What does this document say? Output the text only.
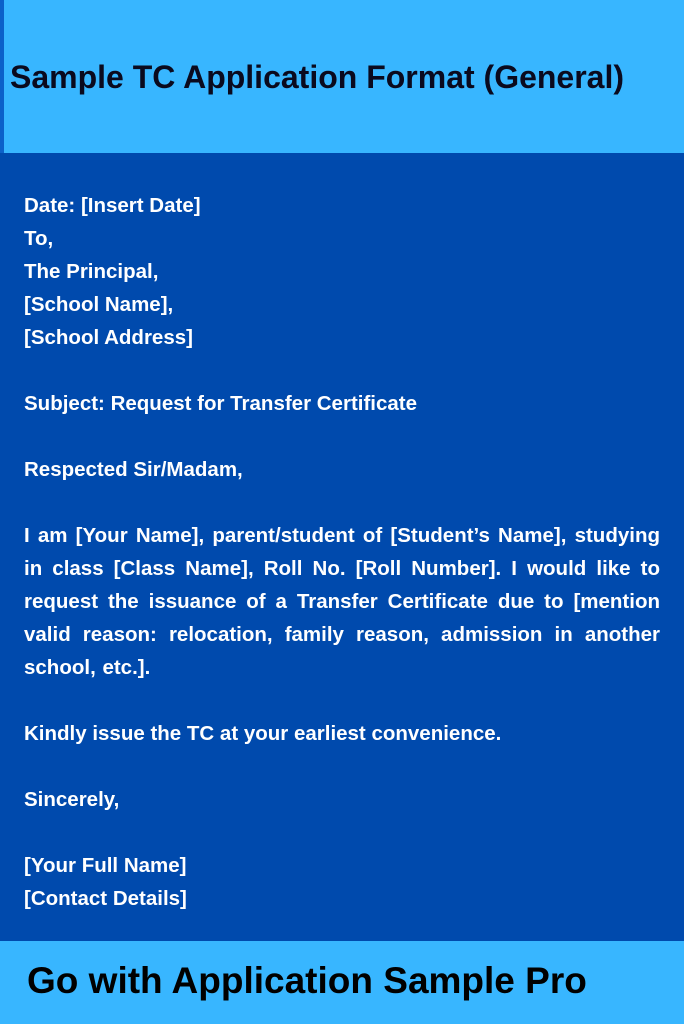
Sample TC Application Format (General)
Date: [Insert Date]
To,
The Principal,
[School Name],
[School Address]
Subject: Request for Transfer Certificate
Respected Sir/Madam,
I am [Your Name], parent/student of [Student’s Name], studying in class [Class Name], Roll No. [Roll Number]. I would like to request the issuance of a Transfer Certificate due to [mention valid reason: relocation, family reason, admission in another school, etc.].
Kindly issue the TC at your earliest convenience.
Sincerely,
[Your Full Name]
[Contact Details]

Go with Application Sample Pro
